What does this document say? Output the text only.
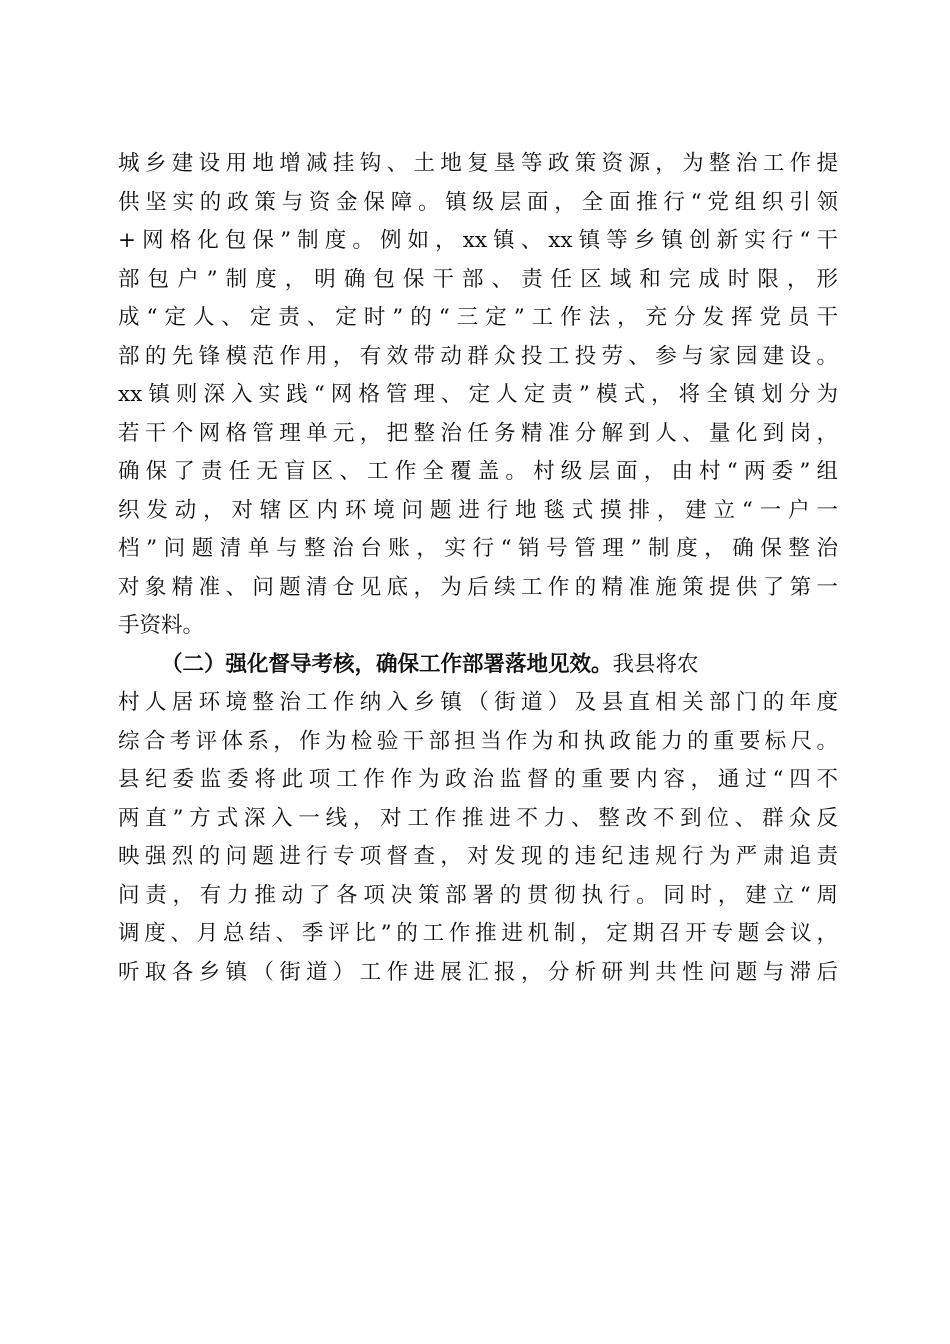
城乡建设用地增减挂钩、土地复垦等政策资源，为整治工作提
供坚实的政策与资金保障。镇级层面，全面推行“党组织引领
+网格化包保”制度。例如，xx镇、xx镇等乡镇创新实行“干
部包户”制度，明确包保干部、责任区域和完成时限，形
成“定人、定责、定时”的“三定”工作法，充分发挥党员干
部的先锋模范作用，有效带动群众投工投劳、参与家园建设。
xx镇则深入实践“网格管理、定人定责”模式，将全镇划分为
若干个网格管理单元，把整治任务精准分解到人、量化到岗，
确保了责任无盲区、工作全覆盖。村级层面，由村“两委”组
织发动，对辖区内环境问题进行地毯式摸排，建立“一户一
档”问题清单与整治台账，实行“销号管理”制度，确保整治
对象精准、问题清仓见底，为后续工作的精准施策提供了第一
手资料。
（二）强化督导考核，确保工作部署落地见效。我县将农
村人居环境整治工作纳入乡镇（街道）及县直相关部门的年度
综合考评体系，作为检验干部担当作为和执政能力的重要标尺。
县纪委监委将此项工作作为政治监督的重要内容，通过“四不
两直”方式深入一线，对工作推进不力、整改不到位、群众反
映强烈的问题进行专项督查，对发现的违纪违规行为严肃追责
问责，有力推动了各项决策部署的贯彻执行。同时，建立“周
调度、月总结、季评比”的工作推进机制，定期召开专题会议，
听取各乡镇（街道）工作进展汇报，分析研判共性问题与滞后
